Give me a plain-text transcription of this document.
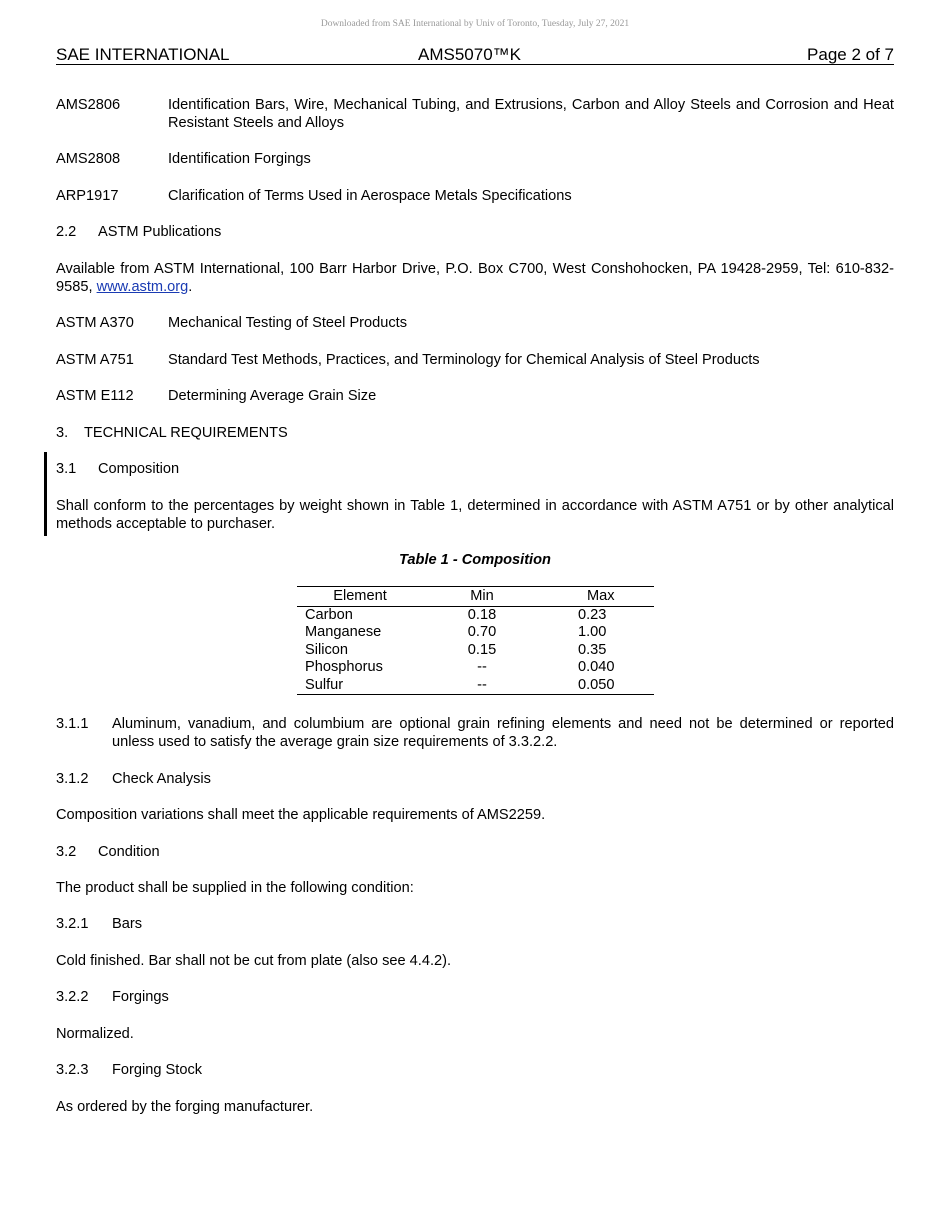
Downloaded from SAE International by Univ of Toronto, Tuesday, July 27, 2021
SAE INTERNATIONAL	AMS5070™K	Page 2 of 7
AMS2806	Identification Bars, Wire, Mechanical Tubing, and Extrusions, Carbon and Alloy Steels and Corrosion and Heat Resistant Steels and Alloys
AMS2808	Identification Forgings
ARP1917	Clarification of Terms Used in Aerospace Metals Specifications
2.2 ASTM Publications
Available from ASTM International, 100 Barr Harbor Drive, P.O. Box C700, West Conshohocken, PA 19428-2959, Tel: 610-832-9585, www.astm.org.
ASTM A370	Mechanical Testing of Steel Products
ASTM A751	Standard Test Methods, Practices, and Terminology for Chemical Analysis of Steel Products
ASTM E112	Determining Average Grain Size
3. TECHNICAL REQUIREMENTS
3.1 Composition
Shall conform to the percentages by weight shown in Table 1, determined in accordance with ASTM A751 or by other analytical methods acceptable to purchaser.
Table 1 - Composition
Element	Min	Max
Carbon	0.18	0.23
Manganese	0.70	1.00
Silicon	0.15	0.35
Phosphorus	--	0.040
Sulfur	--	0.050
3.1.1	Aluminum, vanadium, and columbium are optional grain refining elements and need not be determined or reported unless used to satisfy the average grain size requirements of 3.3.2.2.
3.1.2 Check Analysis
Composition variations shall meet the applicable requirements of AMS2259.
3.2 Condition
The product shall be supplied in the following condition:
3.2.1 Bars
Cold finished. Bar shall not be cut from plate (also see 4.4.2).
3.2.2 Forgings
Normalized.
3.2.3 Forging Stock
As ordered by the forging manufacturer.
